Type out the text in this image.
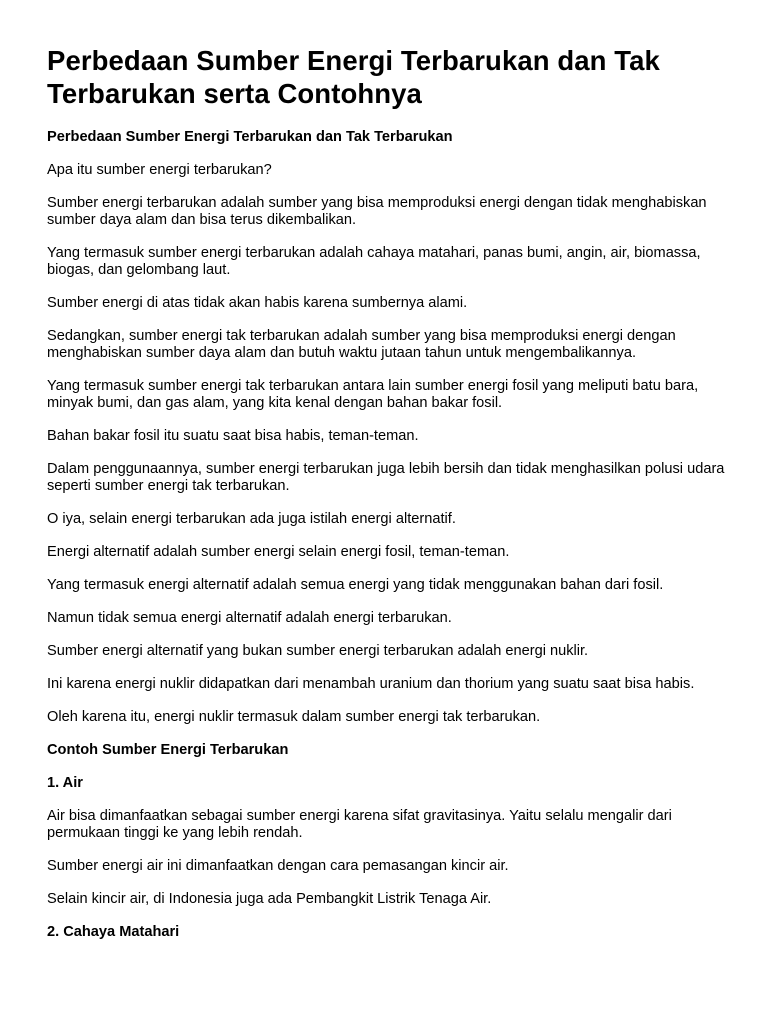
Perbedaan Sumber Energi Terbarukan dan Tak Terbarukan serta Contohnya

Perbedaan Sumber Energi Terbarukan dan Tak Terbarukan

Apa itu sumber energi terbarukan?

Sumber energi terbarukan adalah sumber yang bisa memproduksi energi dengan tidak menghabiskan sumber daya alam dan bisa terus dikembalikan.

Yang termasuk sumber energi terbarukan adalah cahaya matahari, panas bumi, angin, air, biomassa, biogas, dan gelombang laut.

Sumber energi di atas tidak akan habis karena sumbernya alami.

Sedangkan, sumber energi tak terbarukan adalah sumber yang bisa memproduksi energi dengan menghabiskan sumber daya alam dan butuh waktu jutaan tahun untuk mengembalikannya.

Yang termasuk sumber energi tak terbarukan antara lain sumber energi fosil yang meliputi batu bara, minyak bumi, dan gas alam, yang kita kenal dengan bahan bakar fosil.

Bahan bakar fosil itu suatu saat bisa habis, teman-teman.

Dalam penggunaannya, sumber energi terbarukan juga lebih bersih dan tidak menghasilkan polusi udara seperti sumber energi tak terbarukan.

O iya, selain energi terbarukan ada juga istilah energi alternatif.

Energi alternatif adalah sumber energi selain energi fosil, teman-teman.

Yang termasuk energi alternatif adalah semua energi yang tidak menggunakan bahan dari fosil.

Namun tidak semua energi alternatif adalah energi terbarukan.

Sumber energi alternatif yang bukan sumber energi terbarukan adalah energi nuklir.

Ini karena energi nuklir didapatkan dari menambah uranium dan thorium yang suatu saat bisa habis.

Oleh karena itu, energi nuklir termasuk dalam sumber energi tak terbarukan.

Contoh Sumber Energi Terbarukan

1. Air

Air bisa dimanfaatkan sebagai sumber energi karena sifat gravitasinya. Yaitu selalu mengalir dari permukaan tinggi ke yang lebih rendah.

Sumber energi air ini dimanfaatkan dengan cara pemasangan kincir air.

Selain kincir air, di Indonesia juga ada Pembangkit Listrik Tenaga Air.

2. Cahaya Matahari
